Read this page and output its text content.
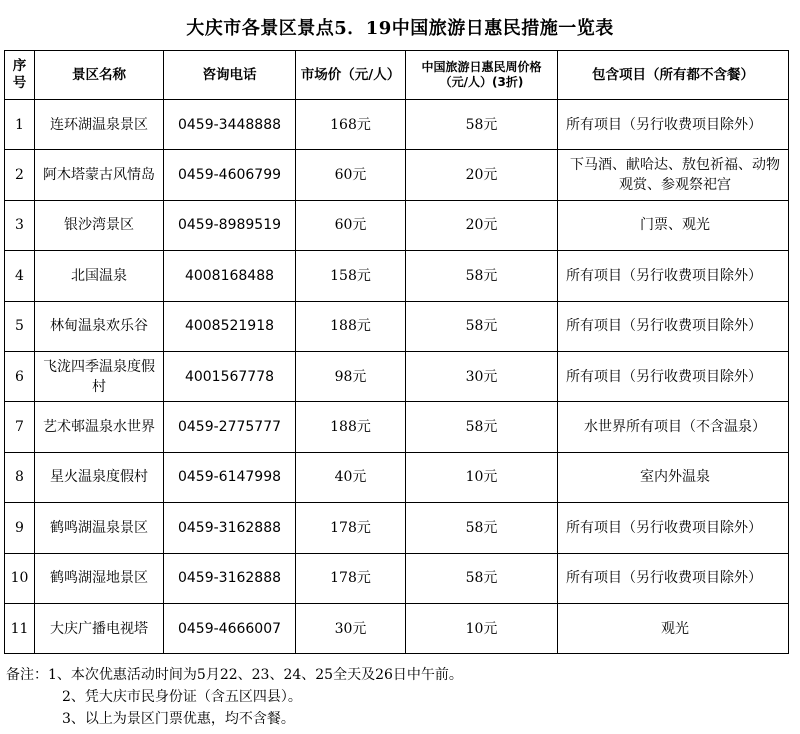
大庆市各景区景点5．19中国旅游日惠民措施一览表
序号	景区名称	咨询电话	市场价（元/人）	中国旅游日惠民周价格（元/人）(3折)	包含项目（所有都不含餐）
1	连环湖温泉景区	0459-3448888	168元	58元	所有项目（另行收费项目除外）
2	阿木塔蒙古风情岛	0459-4606799	60元	20元	下马酒、献哈达、敖包祈福、动物观赏、参观祭祀宫
3	银沙湾景区	0459-8989519	60元	20元	门票、观光
4	北国温泉	4008168488	158元	58元	所有项目（另行收费项目除外）
5	林甸温泉欢乐谷	4008521918	188元	58元	所有项目（另行收费项目除外）
6	飞泷四季温泉度假村	4001567778	98元	30元	所有项目（另行收费项目除外）
7	艺术邨温泉水世界	0459-2775777	188元	58元	水世界所有项目（不含温泉）
8	星火温泉度假村	0459-6147998	40元	10元	室内外温泉
9	鹤鸣湖温泉景区	0459-3162888	178元	58元	所有项目（另行收费项目除外）
10	鹤鸣湖湿地景区	0459-3162888	178元	58元	所有项目（另行收费项目除外）
11	大庆广播电视塔	0459-4666007	30元	10元	观光
备注：1、本次优惠活动时间为5月22、23、24、25全天及26日中午前。
2、凭大庆市民身份证（含五区四县）。
3、以上为景区门票优惠，均不含餐。
